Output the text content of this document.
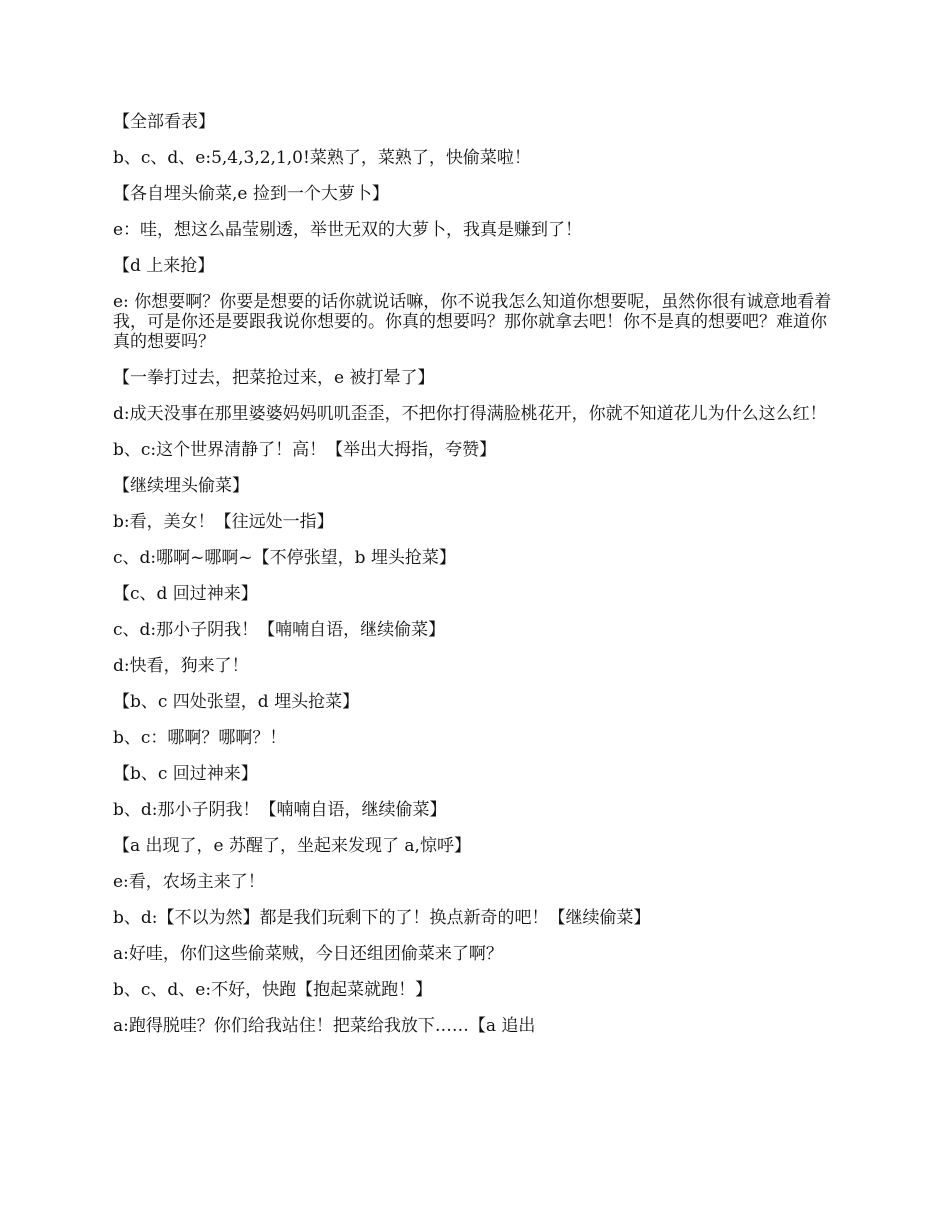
【全部看表】

b、c、d、e:5,4,3,2,1,0!菜熟了，菜熟了，快偷菜啦！

【各自埋头偷菜,e 捡到一个大萝卜】

e：哇，想这么晶莹剔透，举世无双的大萝卜，我真是赚到了！

【d 上来抢】

e: 你想要啊？你要是想要的话你就说话嘛，你不说我怎么知道你想要呢，虽然你很有诚意地看着我，可是你还是要跟我说你想要的。你真的想要吗？那你就拿去吧！你不是真的想要吧？难道你真的想要吗？

【一拳打过去，把菜抢过来，e 被打晕了】

d:成天没事在那里婆婆妈妈叽叽歪歪，不把你打得满脸桃花开，你就不知道花儿为什么这么红！

b、c:这个世界清静了！高！【举出大拇指，夸赞】

【继续埋头偷菜】

b:看，美女！【往远处一指】

c、d:哪啊~哪啊~【不停张望，b 埋头抢菜】

【c、d 回过神来】

c、d:那小子阴我！【喃喃自语，继续偷菜】

d:快看，狗来了！

【b、c 四处张望，d 埋头抢菜】

b、c：哪啊？哪啊？！

【b、c 回过神来】

b、d:那小子阴我！【喃喃自语，继续偷菜】

【a 出现了，e 苏醒了，坐起来发现了 a,惊呼】

e:看，农场主来了！

b、d:【不以为然】都是我们玩剩下的了！换点新奇的吧！【继续偷菜】

a:好哇，你们这些偷菜贼，今日还组团偷菜来了啊？

b、c、d、e:不好，快跑【抱起菜就跑！】

a:跑得脱哇？你们给我站住！把菜给我放下……【a 追出
